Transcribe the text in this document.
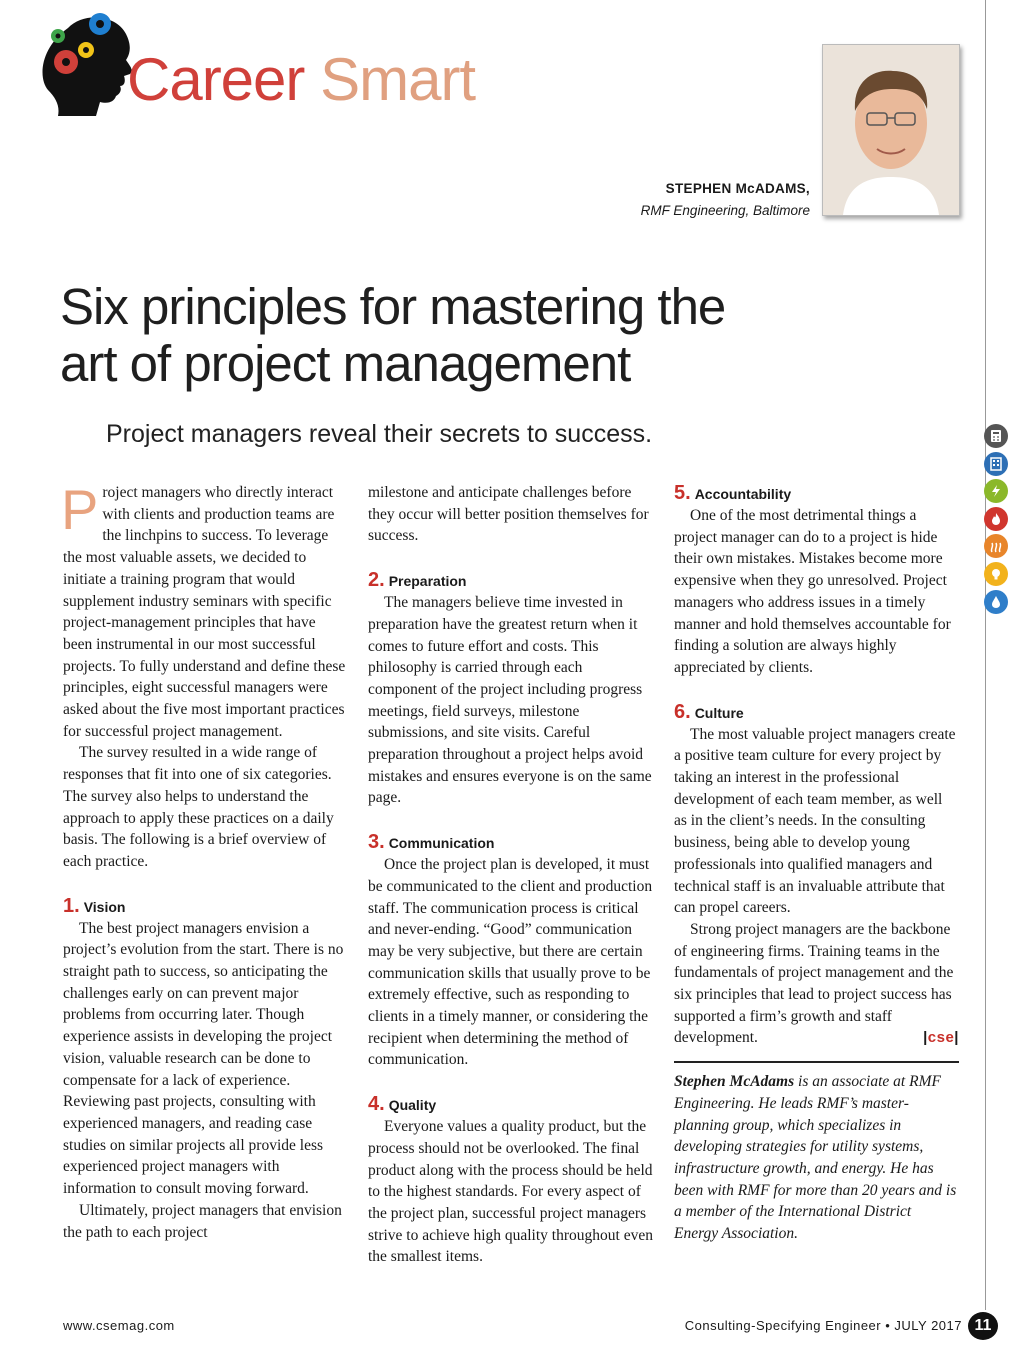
Career Smart
STEPHEN McADAMS,
RMF Engineering, Baltimore
Six principles for mastering the
art of project management
Project managers reveal their secrets to success.

Project managers who directly interact with clients and production teams are the linchpins to success. To leverage the most valuable assets, we decided to initiate a training program that would supplement industry seminars with specific project-management principles that have been instrumental in our most successful projects. To fully understand and define these principles, eight successful managers were asked about the five most important practices for successful project management.

The survey resulted in a wide range of responses that fit into one of six categories. The survey also helps to understand the approach to apply these practices on a daily basis. The following is a brief overview of each practice.

1. Vision

The best project managers envision a project’s evolution from the start. There is no straight path to success, so anticipating the challenges early on can prevent major problems from occurring later. Though experience assists in developing the project vision, valuable research can be done to compensate for a lack of experience. Reviewing past projects, consulting with experienced managers, and reading case studies on similar projects all provide less experienced project managers with information to consult moving forward.

Ultimately, project managers that envision the path to each project

milestone and anticipate challenges before they occur will better position themselves for success.

2. Preparation

The managers believe time invested in preparation have the greatest return when it comes to future effort and costs. This philosophy is carried through each component of the project including progress meetings, field surveys, milestone submissions, and site visits. Careful preparation throughout a project helps avoid mistakes and ensures everyone is on the same page.

3. Communication

Once the project plan is developed, it must be communicated to the client and production staff. The communication process is critical and never-ending. “Good” communication may be very subjective, but there are certain communication skills that usually prove to be extremely effective, such as responding to clients in a timely manner, or considering the recipient when determining the method of communication.

4. Quality

Everyone values a quality product, but the process should not be overlooked. The final product along with the process should be held to the highest standards. For every aspect of the project plan, successful project managers strive to achieve high quality throughout even the smallest items.

5. Accountability

One of the most detrimental things a project manager can do to a project is hide their own mistakes. Mistakes become more expensive when they go unresolved. Project managers who address issues in a timely manner and hold themselves accountable for finding a solution are always highly appreciated by clients.

6. Culture

The most valuable project managers create a positive team culture for every project by taking an interest in the professional development of each team member, as well as in the client’s needs. In the consulting business, being able to develop young professionals into qualified managers and technical staff is an invaluable attribute that can propel careers.

Strong project managers are the backbone of engineering firms. Training teams in the fundamentals of project management and the six principles that lead to project success has supported a firm’s growth and staff development.	|cse|

Stephen McAdams is an associate at RMF Engineering. He leads RMF’s master-planning group, which specializes in developing strategies for utility systems, infrastructure growth, and energy. He has been with RMF for more than 20 years and is a member of the International District Energy Association.

www.csemag.com	Consulting-Specifying Engineer • JULY 2017 11
